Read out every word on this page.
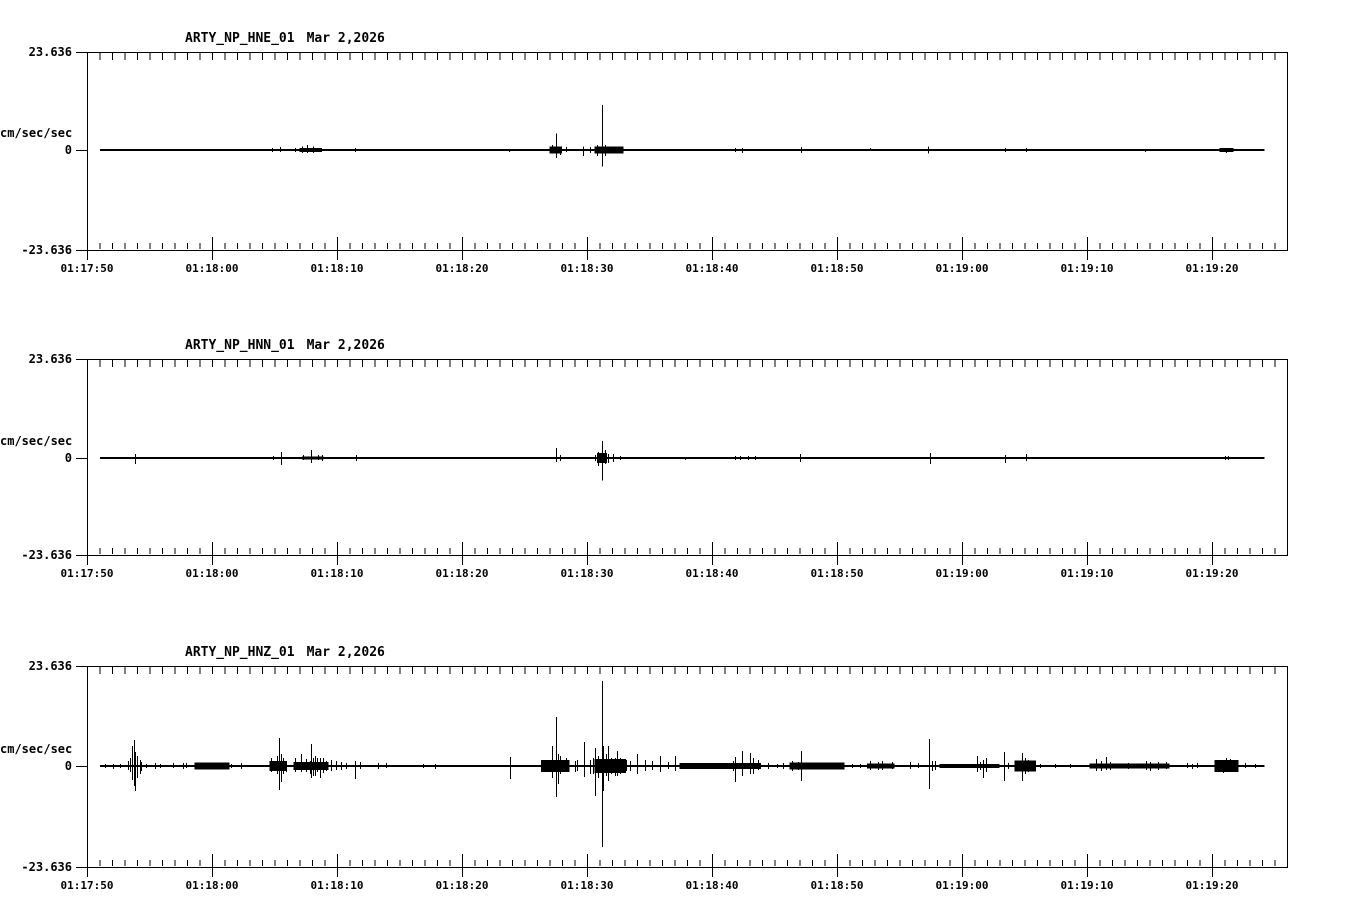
ARTY_NP_HNE_01 Mar 2,2026
23.636
cm/sec/sec
0
-23.636
ARTY_NP_HNN_01 Mar 2,2026
23.636
cm/sec/sec
0
-23.636
ARTY_NP_HNZ_01 Mar 2,2026
23.636
cm/sec/sec
0
-23.636
01:17:50	01:18:00	01:18:10	01:18:20	01:18:30	01:18:40	01:18:50	01:19:00	01:19:10	01:19:20
01:17:50	01:18:00	01:18:10	01:18:20	01:18:30	01:18:40	01:18:50	01:19:00	01:19:10	01:19:20
01:17:50	01:18:00	01:18:10	01:18:20	01:18:30	01:18:40	01:18:50	01:19:00	01:19:10	01:19:20
